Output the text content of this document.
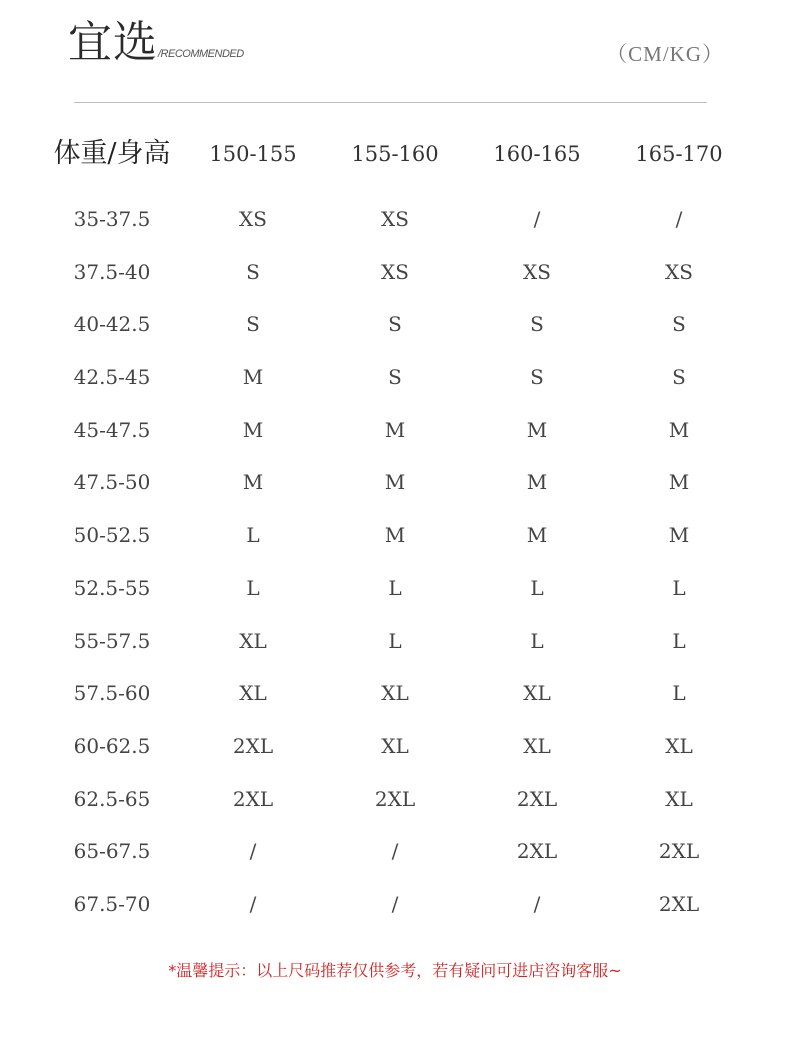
宜选 /RECOMMENDED	（CM/KG）
体重/身高	150-155	155-160	160-165	165-170
35-37.5	XS	XS	/	/
37.5-40	S	XS	XS	XS
40-42.5	S	S	S	S
42.5-45	M	S	S	S
45-47.5	M	M	M	M
47.5-50	M	M	M	M
50-52.5	L	M	M	M
52.5-55	L	L	L	L
55-57.5	XL	L	L	L
57.5-60	XL	XL	XL	L
60-62.5	2XL	XL	XL	XL
62.5-65	2XL	2XL	2XL	XL
65-67.5	/	/	2XL	2XL
67.5-70	/	/	/	2XL
*温馨提示：以上尺码推荐仅供参考，若有疑问可进店咨询客服~
